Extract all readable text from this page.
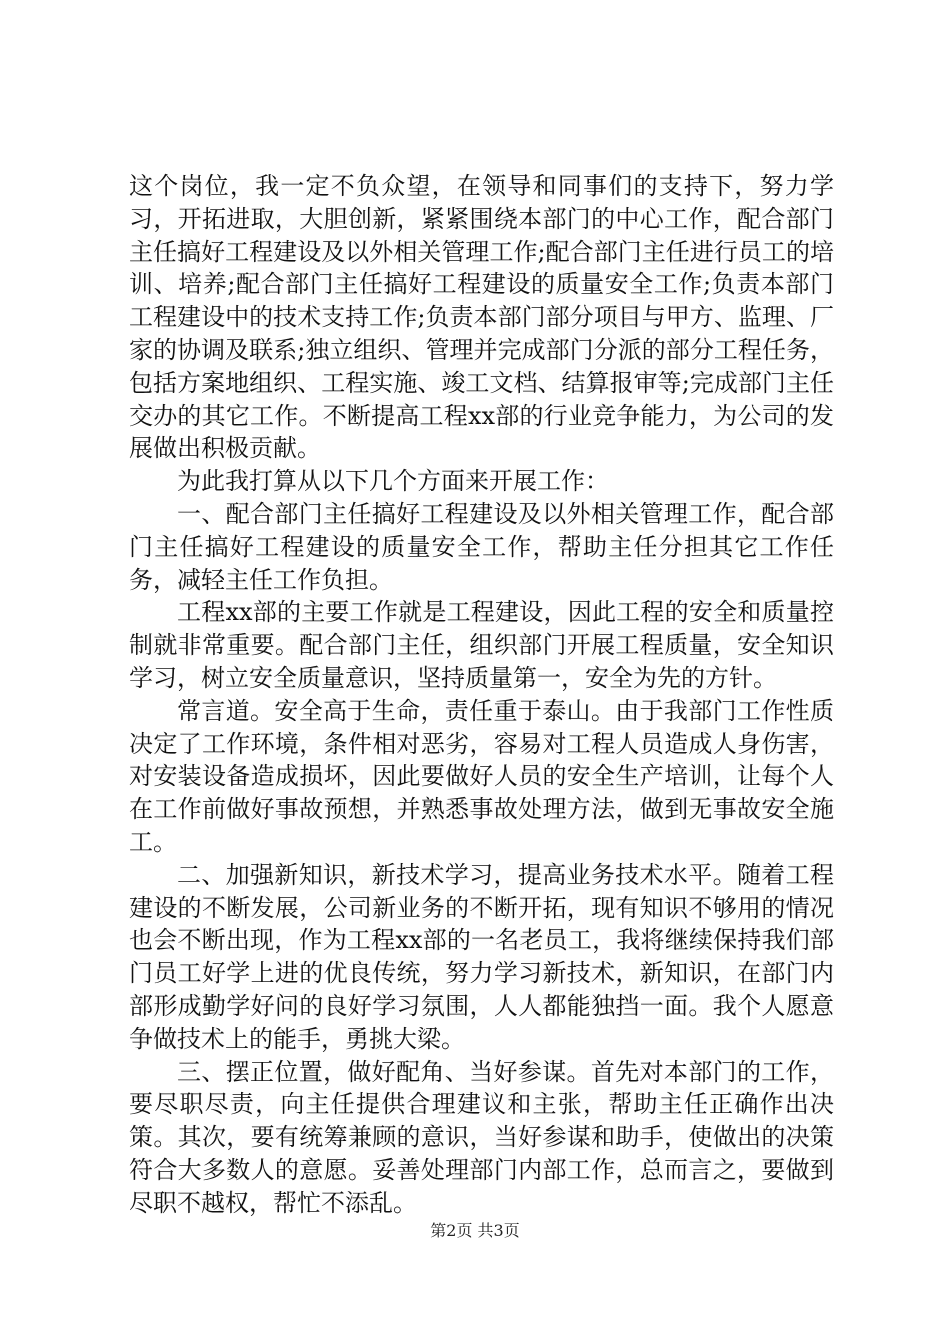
这个岗位，我一定不负众望，在领导和同事们的支持下，努力学习，开拓进取，大胆创新，紧紧围绕本部门的中心工作，配合部门主任搞好工程建设及以外相关管理工作;配合部门主任进行员工的培训、培养;配合部门主任搞好工程建设的质量安全工作;负责本部门工程建设中的技术支持工作;负责本部门部分项目与甲方、监理、厂家的协调及联系;独立组织、管理并完成部门分派的部分工程任务，包括方案地组织、工程实施、竣工文档、结算报审等;完成部门主任交办的其它工作。不断提高工程xx部的行业竞争能力，为公司的发展做出积极贡献。

为此我打算从以下几个方面来开展工作：

一、配合部门主任搞好工程建设及以外相关管理工作，配合部门主任搞好工程建设的质量安全工作，帮助主任分担其它工作任务，减轻主任工作负担。

工程xx部的主要工作就是工程建设，因此工程的安全和质量控制就非常重要。配合部门主任，组织部门开展工程质量，安全知识学习，树立安全质量意识，坚持质量第一，安全为先的方针。

常言道。安全高于生命，责任重于泰山。由于我部门工作性质决定了工作环境，条件相对恶劣，容易对工程人员造成人身伤害，对安装设备造成损坏，因此要做好人员的安全生产培训，让每个人在工作前做好事故预想，并熟悉事故处理方法，做到无事故安全施工。

二、加强新知识，新技术学习，提高业务技术水平。随着工程建设的不断发展，公司新业务的不断开拓，现有知识不够用的情况也会不断出现，作为工程xx部的一名老员工，我将继续保持我们部门员工好学上进的优良传统，努力学习新技术，新知识，在部门内部形成勤学好问的良好学习氛围，人人都能独挡一面。我个人愿意争做技术上的能手，勇挑大梁。

三、摆正位置，做好配角、当好参谋。首先对本部门的工作，要尽职尽责，向主任提供合理建议和主张，帮助主任正确作出决策。其次，要有统筹兼顾的意识，当好参谋和助手，使做出的决策符合大多数人的意愿。妥善处理部门内部工作，总而言之，要做到尽职不越权，帮忙不添乱。

第2页 共3页
